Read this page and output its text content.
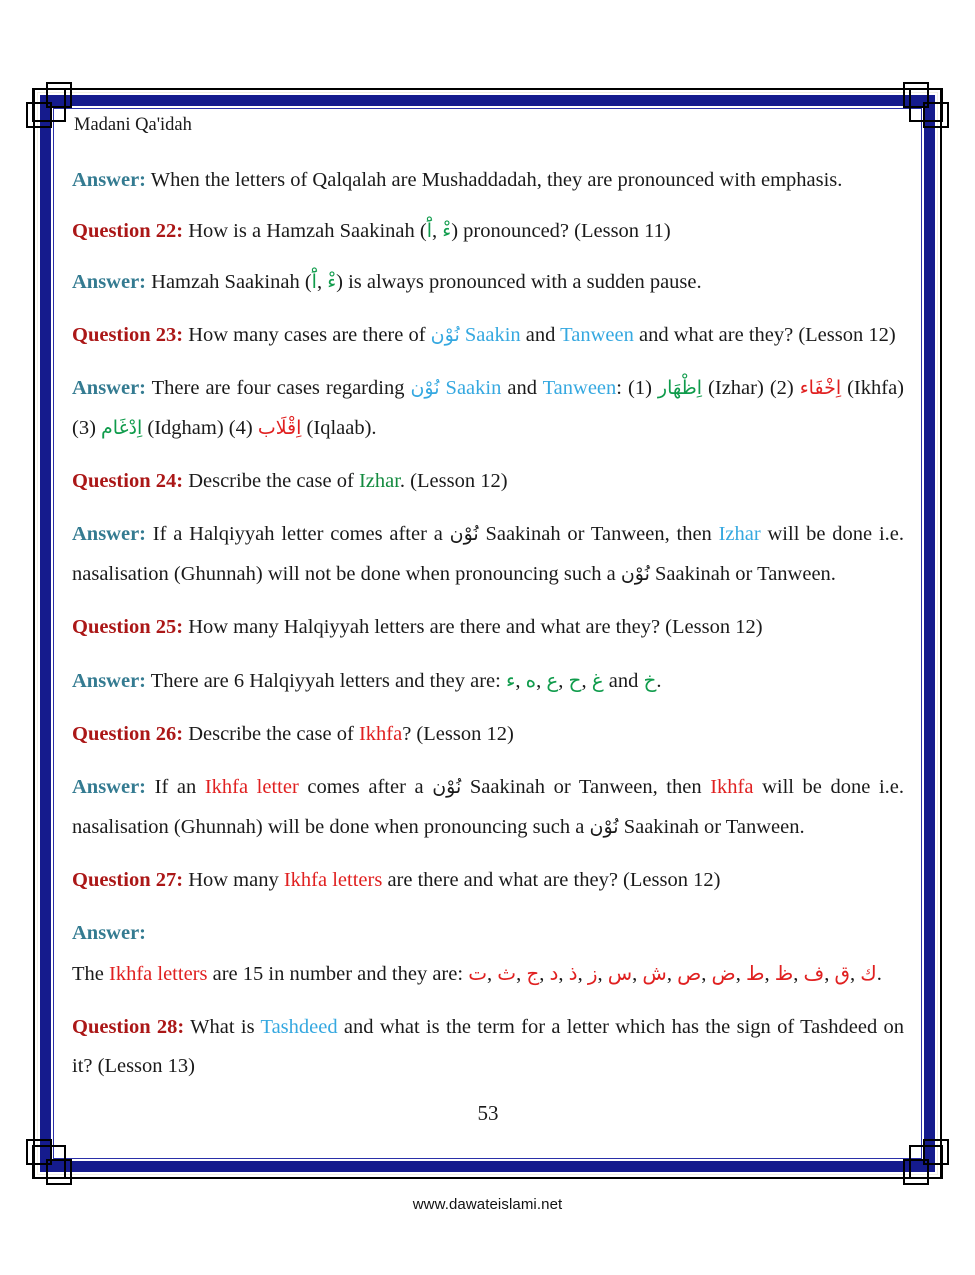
Madani Qa'idah

Answer: When the letters of Qalqalah are Mushaddadah, they are pronounced with emphasis.

Question 22: How is a Hamzah Saakinah (اَْ, ءْ) pronounced? (Lesson 11)

Answer: Hamzah Saakinah (اَْ, ءْ) is always pronounced with a sudden pause.

Question 23: How many cases are there of نُوْن Saakin and Tanween and what are they? (Lesson 12)

Answer: There are four cases regarding نُوْن Saakin and Tanween: (1) اِظْهَار (Izhar) (2) اِخْفَاء (Ikhfa) (3) اِدْغَام (Idgham) (4) اِقْلَاب (Iqlaab).

Question 24: Describe the case of Izhar. (Lesson 12)

Answer: If a Halqiyyah letter comes after a نُوْن Saakinah or Tanween, then Izhar will be done i.e. nasalisation (Ghunnah) will not be done when pronouncing such a نُوْن Saakinah or Tanween.

Question 25: How many Halqiyyah letters are there and what are they? (Lesson 12)

Answer: There are 6 Halqiyyah letters and they are: ء, ه, ع, ح, غ and خ.

Question 26: Describe the case of Ikhfa? (Lesson 12)

Answer: If an Ikhfa letter comes after a نُوْن Saakinah or Tanween, then Ikhfa will be done i.e. nasalisation (Ghunnah) will be done when pronouncing such a نُوْن Saakinah or Tanween.

Question 27: How many Ikhfa letters are there and what are they? (Lesson 12)

Answer:

The Ikhfa letters are 15 in number and they are: ت, ث, ج, د, ذ, ز, س, ش, ص, ض, ط, ظ, ف, ق, ك.

Question 28: What is Tashdeed and what is the term for a letter which has the sign of Tashdeed on it? (Lesson 13)

53
www.dawateislami.net
